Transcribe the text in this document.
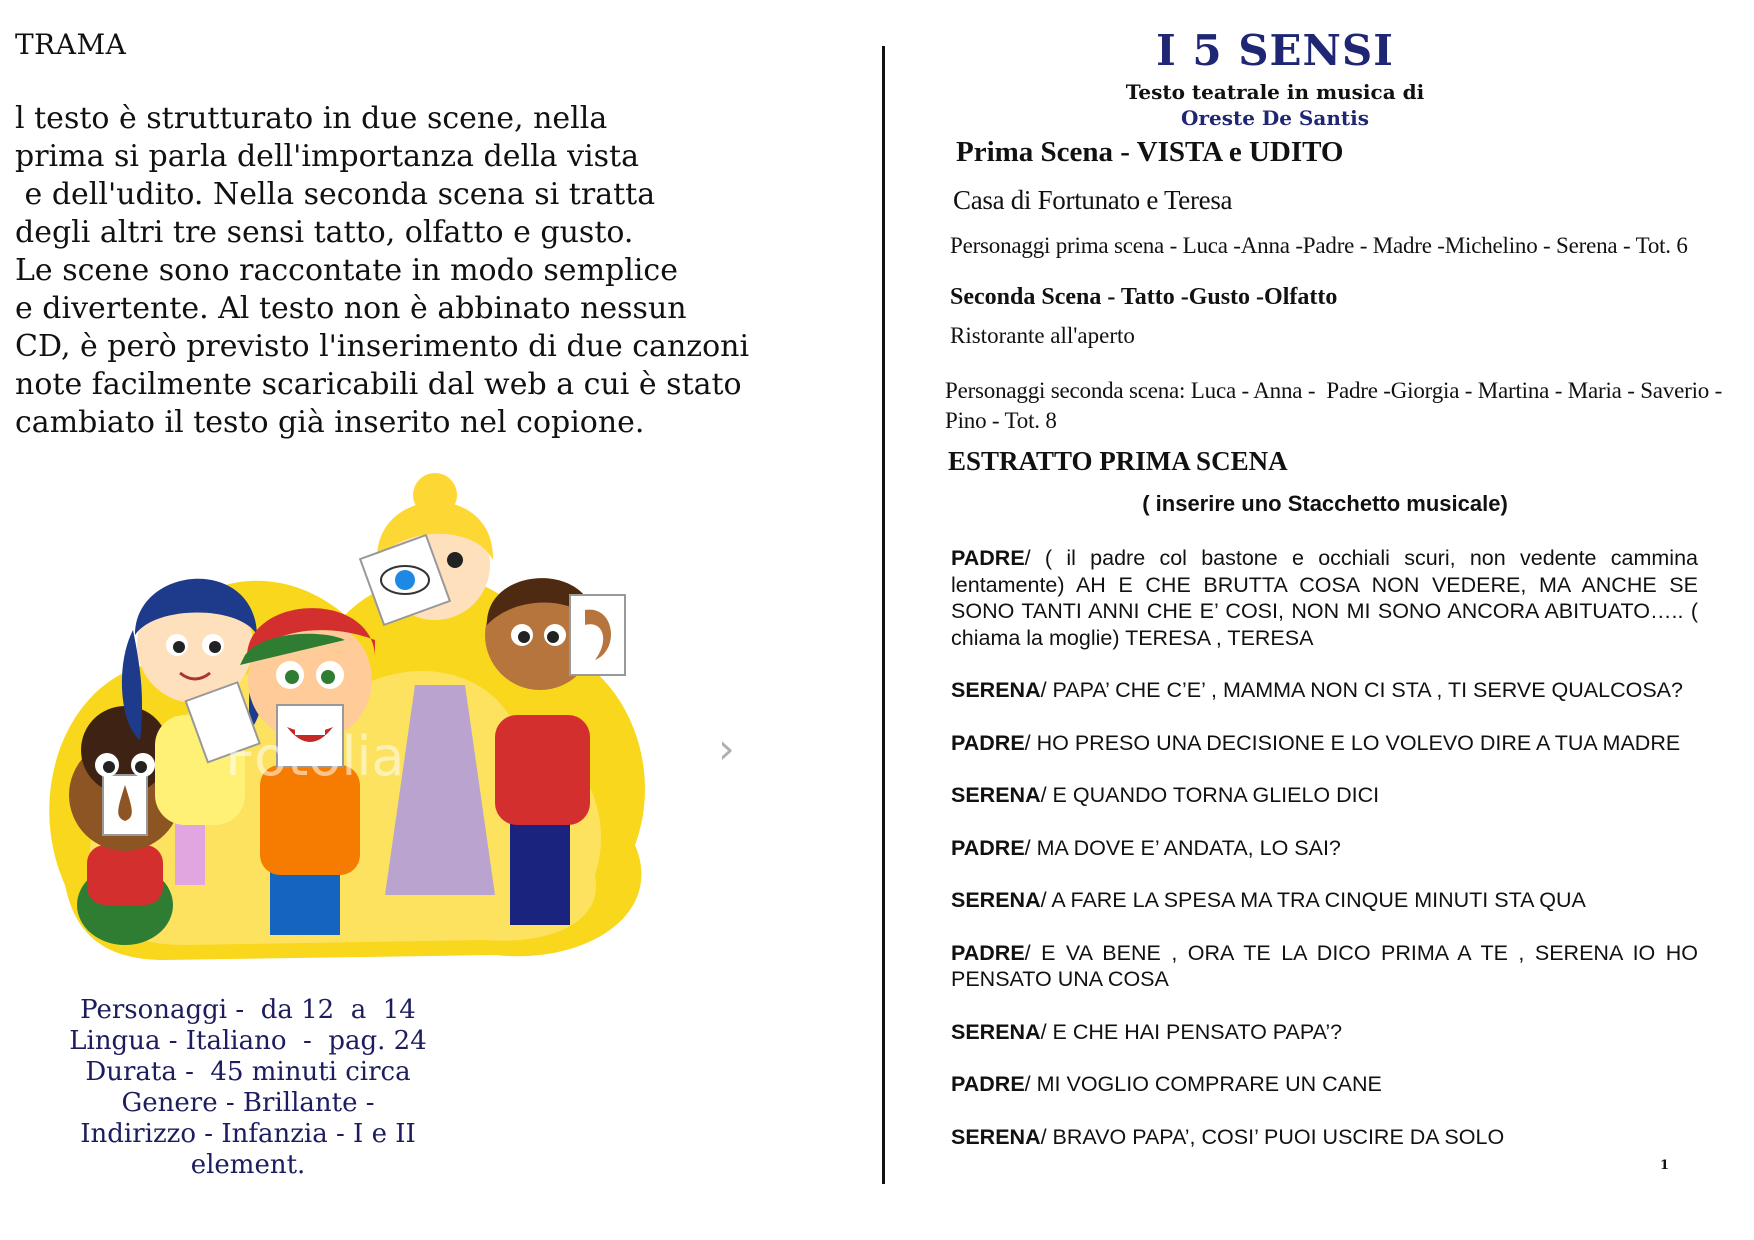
TRAMA
l testo è strutturato in due scene, nella
prima si parla dell'importanza della vista
e dell'udito. Nella seconda scena si tratta
degli altri tre sensi tatto, olfatto e gusto.
Le scene sono raccontate in modo semplice
e divertente. Al testo non è abbinato nessun
CD, è però previsto l'inserimento di due canzoni
note facilmente scaricabili dal web a cui è stato
cambiato il testo già inserito nel copione.
Fotolia
Personaggi -  da 12  a  14
Lingua - Italiano  -  pag. 24
Durata -  45 minuti circa
Genere - Brillante -
Indirizzo - Infanzia - I e II element.
›
I 5 SENSI
Testo teatrale in musica di
Oreste De Santis
Prima Scena - VISTA e UDITO
Casa di Fortunato e Teresa
Personaggi prima scena - Luca -Anna -Padre - Madre -Michelino - Serena - Tot. 6
Seconda Scena - Tatto -Gusto -Olfatto
Ristorante all'aperto
Personaggi seconda scena: Luca - Anna -  Padre -Giorgia - Martina - Maria - Saverio -
Pino - Tot. 8
ESTRATTO PRIMA SCENA
( inserire uno Stacchetto musicale)
PADRE/ ( il padre col bastone e occhiali scuri, non vedente cammina lentamente) AH E CHE BRUTTA COSA NON VEDERE, MA ANCHE SE SONO TANTI ANNI CHE E’ COSI, NON MI SONO ANCORA ABITUATO….. ( chiama la moglie) TERESA , TERESA
SERENA/ PAPA’ CHE C’E’ , MAMMA NON CI STA , TI SERVE QUALCOSA?
PADRE/ HO PRESO UNA DECISIONE E LO VOLEVO DIRE A TUA MADRE
SERENA/ E QUANDO TORNA GLIELO DICI
PADRE/ MA DOVE E’ ANDATA, LO SAI?
SERENA/ A FARE LA SPESA MA TRA CINQUE MINUTI STA QUA
PADRE/ E VA BENE , ORA TE LA DICO PRIMA A TE , SERENA IO HO PENSATO UNA COSA
SERENA/ E CHE HAI PENSATO PAPA’?
PADRE/ MI VOGLIO COMPRARE UN CANE
SERENA/ BRAVO PAPA’, COSI’ PUOI USCIRE DA SOLO
1
